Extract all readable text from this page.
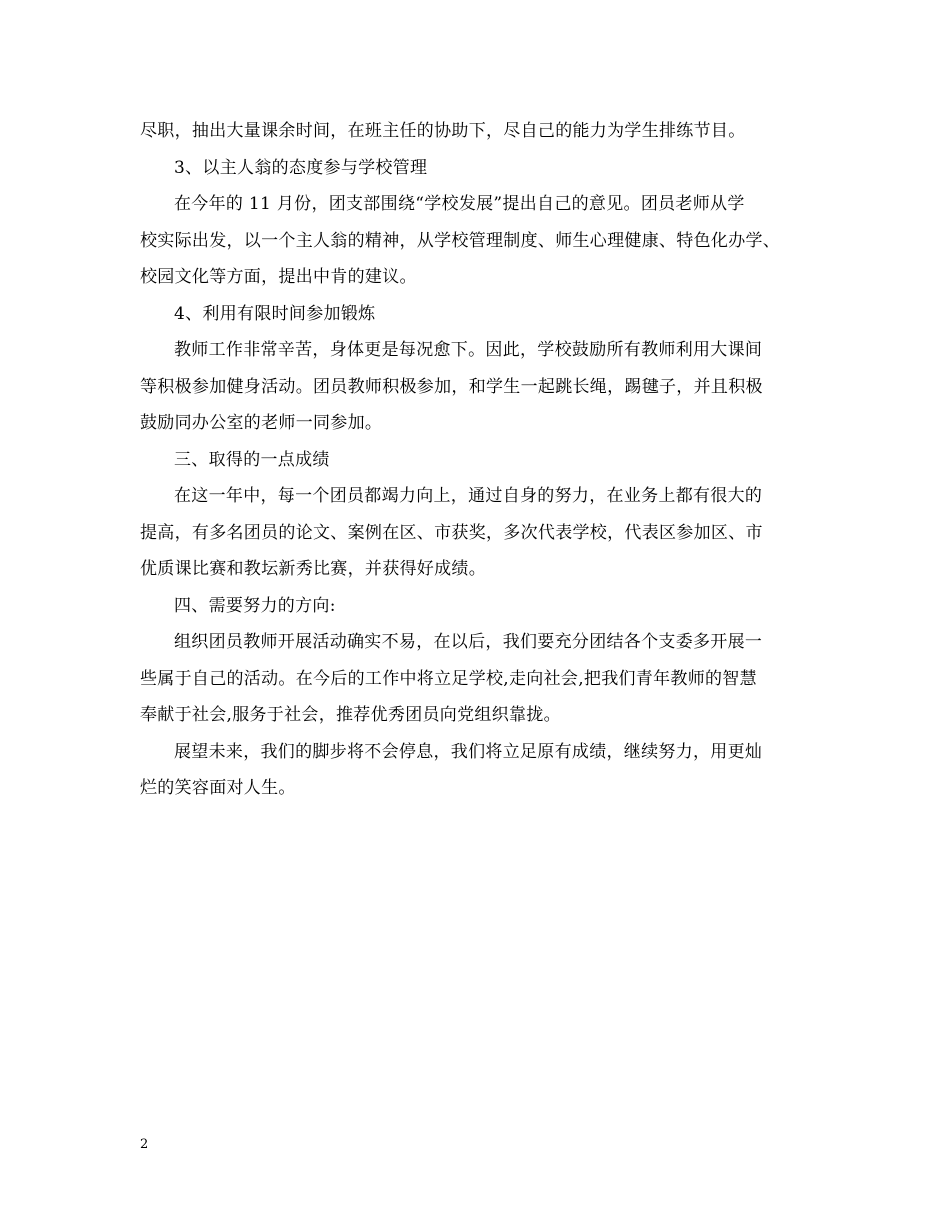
尽职，抽出大量课余时间，在班主任的协助下，尽自己的能力为学生排练节目。
3、以主人翁的态度参与学校管理
在今年的 11 月份，团支部围绕“学校发展”提出自己的意见。团员老师从学
校实际出发，以一个主人翁的精神，从学校管理制度、师生心理健康、特色化办学、
校园文化等方面，提出中肯的建议。
4、利用有限时间参加锻炼
教师工作非常辛苦，身体更是每况愈下。因此，学校鼓励所有教师利用大课间
等积极参加健身活动。团员教师积极参加，和学生一起跳长绳，踢毽子，并且积极
鼓励同办公室的老师一同参加。
三、取得的一点成绩
在这一年中，每一个团员都竭力向上，通过自身的努力，在业务上都有很大的
提高，有多名团员的论文、案例在区、市获奖，多次代表学校，代表区参加区、市
优质课比赛和教坛新秀比赛，并获得好成绩。
四、需要努力的方向:
组织团员教师开展活动确实不易，在以后，我们要充分团结各个支委多开展一
些属于自己的活动。在今后的工作中将立足学校,走向社会,把我们青年教师的智慧
奉献于社会,服务于社会，推荐优秀团员向党组织靠拢。
展望未来，我们的脚步将不会停息，我们将立足原有成绩，继续努力，用更灿
烂的笑容面对人生。
2
